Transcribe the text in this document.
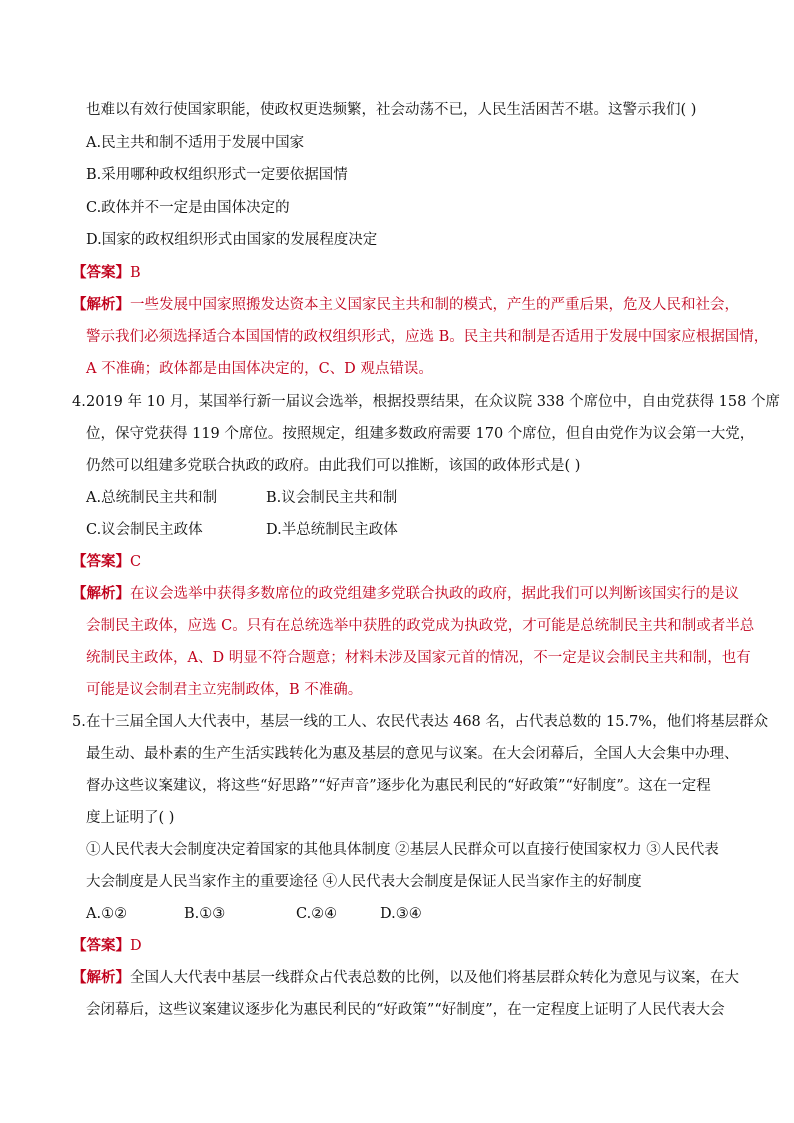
也难以有效行使国家职能，使政权更迭频繁，社会动荡不已，人民生活困苦不堪。这警示我们( )
A.民主共和制不适用于发展中国家
B.采用哪种政权组织形式一定要依据国情
C.政体并不一定是由国体决定的
D.国家的政权组织形式由国家的发展程度决定
【答案】B
【解析】一些发展中国家照搬发达资本主义国家民主共和制的模式，产生的严重后果，危及人民和社会，
警示我们必须选择适合本国国情的政权组织形式，应选 B。民主共和制是否适用于发展中国家应根据国情，
A 不准确；政体都是由国体决定的，C、D 观点错误。
4. 2019 年 10 月，某国举行新一届议会选举，根据投票结果，在众议院 338 个席位中，自由党获得 158 个席
位，保守党获得 119 个席位。按照规定，组建多数政府需要 170 个席位，但自由党作为议会第一大党，
仍然可以组建多党联合执政的政府。由此我们可以推断，该国的政体形式是( )
A.总统制民主共和制	B.议会制民主共和制
C.议会制民主政体	D.半总统制民主政体
【答案】C
【解析】在议会选举中获得多数席位的政党组建多党联合执政的政府，据此我们可以判断该国实行的是议
会制民主政体，应选 C。只有在总统选举中获胜的政党成为执政党，才可能是总统制民主共和制或者半总
统制民主政体，A、D 明显不符合题意；材料未涉及国家元首的情况，不一定是议会制民主共和制，也有
可能是议会制君主立宪制政体，B 不准确。
5. 在十三届全国人大代表中，基层一线的工人、农民代表达 468 名，占代表总数的 15.7%，他们将基层群众
最生动、最朴素的生产生活实践转化为惠及基层的意见与议案。在大会闭幕后，全国人大会集中办理、
督办这些议案建议，将这些“好思路”“好声音”逐步化为惠民利民的“好政策”“好制度”。这在一定程
度上证明了( )
①人民代表大会制度决定着国家的其他具体制度 ②基层人民群众可以直接行使国家权力 ③人民代表
大会制度是人民当家作主的重要途径 ④人民代表大会制度是保证人民当家作主的好制度
A.①②	B.①③	C.②④	D.③④
【答案】D
【解析】全国人大代表中基层一线群众占代表总数的比例，以及他们将基层群众转化为意见与议案，在大
会闭幕后，这些议案建议逐步化为惠民利民的“好政策”“好制度”，在一定程度上证明了人民代表大会
